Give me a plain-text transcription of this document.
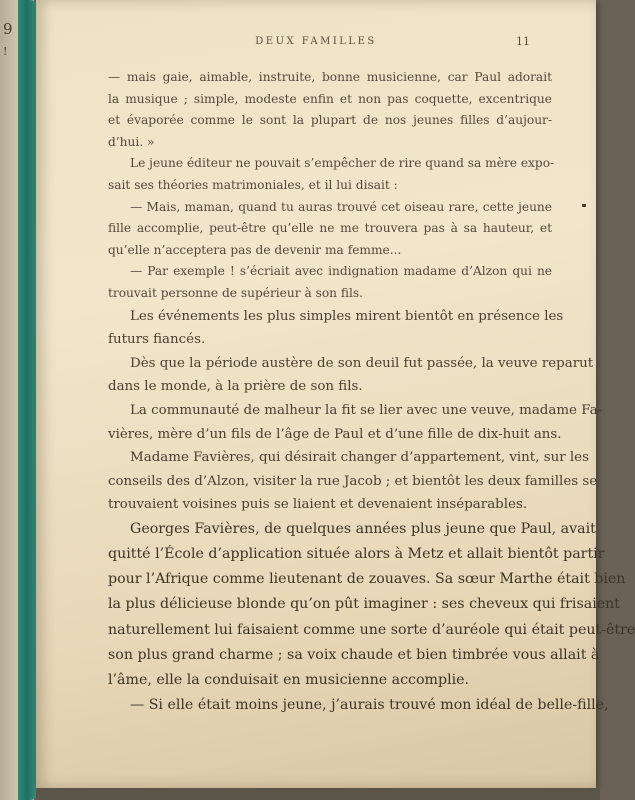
9
!
DEUX FAMILLES	11
— mais gaie, aimable, instruite, bonne musicienne, car Paul adorait
la musique ; simple, modeste enfin et non pas coquette, excentrique
et évaporée comme le sont la plupart de nos jeunes filles d’aujour-
d’hui. »
Le jeune éditeur ne pouvait s’empêcher de rire quand sa mère expo-
sait ses théories matrimoniales, et il lui disait :
— Mais, maman, quand tu auras trouvé cet oiseau rare, cette jeune
fille accomplie, peut-être qu’elle ne me trouvera pas à sa hauteur, et
qu’elle n’acceptera pas de devenir ma femme...
— Par exemple ! s’écriait avec indignation madame d’Alzon qui ne
trouvait personne de supérieur à son fils.
Les événements les plus simples mirent bientôt en présence les
futurs fiancés.
Dès que la période austère de son deuil fut passée, la veuve reparut
dans le monde, à la prière de son fils.
La communauté de malheur la fit se lier avec une veuve, madame Fa-
vières, mère d’un fils de l’âge de Paul et d’une fille de dix-huit ans.
Madame Favières, qui désirait changer d’appartement, vint, sur les
conseils des d’Alzon, visiter la rue Jacob ; et bientôt les deux familles se
trouvaient voisines puis se liaient et devenaient inséparables.
Georges Favières, de quelques années plus jeune que Paul, avait
quitté l’École d’application située alors à Metz et allait bientôt partir
pour l’Afrique comme lieutenant de zouaves. Sa sœur Marthe était bien
la plus délicieuse blonde qu’on pût imaginer : ses cheveux qui frisaient
naturellement lui faisaient comme une sorte d’auréole qui était peut-être
son plus grand charme ; sa voix chaude et bien timbrée vous allait à
l’âme, elle la conduisait en musicienne accomplie.
— Si elle était moins jeune, j’aurais trouvé mon idéal de belle-fille,
